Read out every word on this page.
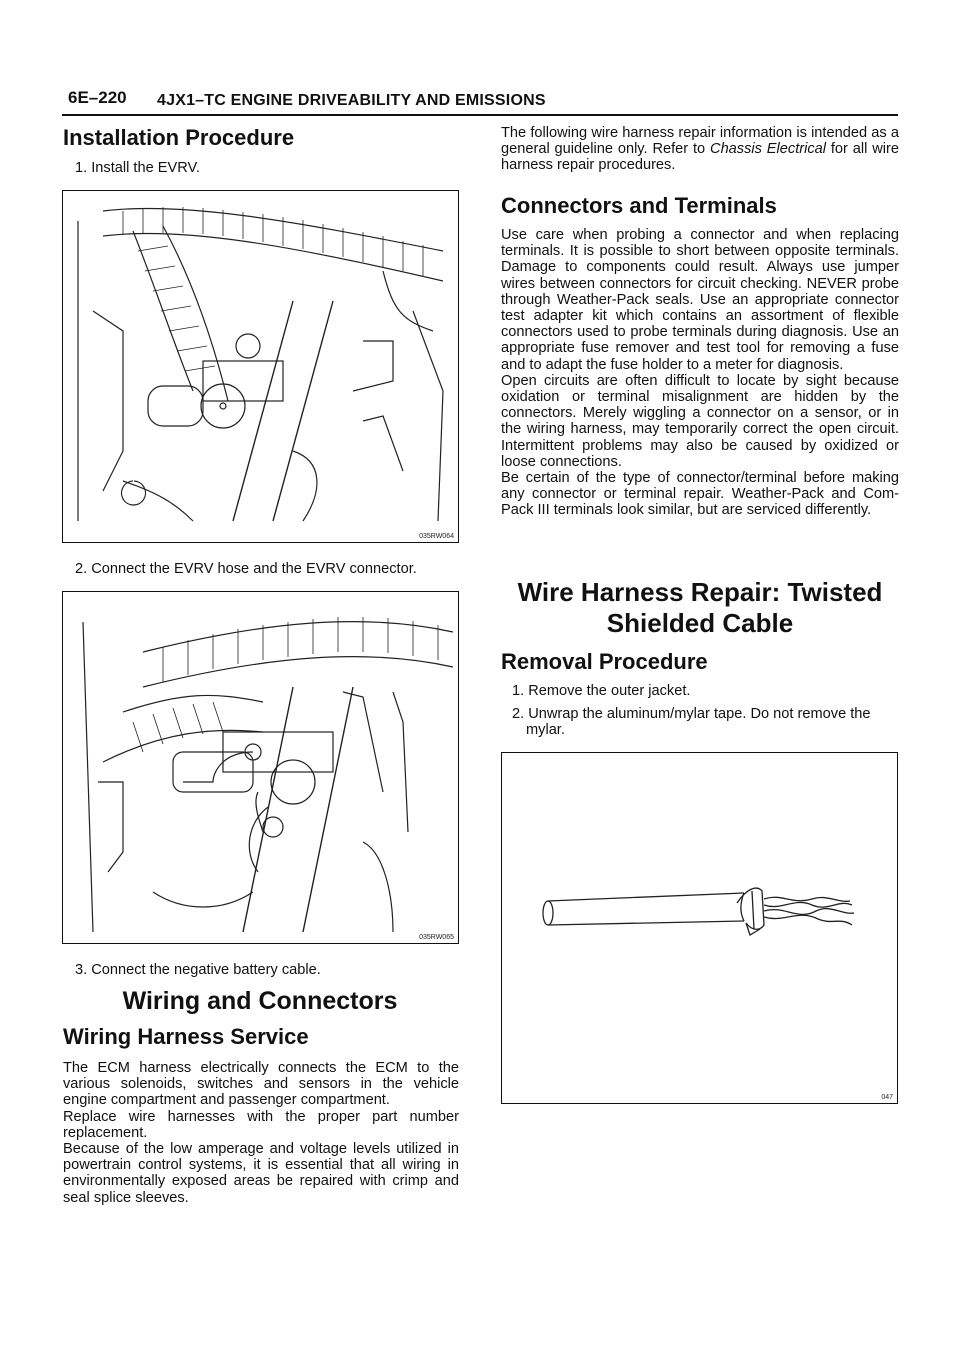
6E–220 4JX1–TC ENGINE DRIVEABILITY AND EMISSIONS
Installation Procedure
1. Install the EVRV.
035RW064
2. Connect the EVRV hose and the EVRV connector.
035RW065
3. Connect the negative battery cable.
Wiring and Connectors
Wiring Harness Service
The ECM harness electrically connects the ECM to the various solenoids, switches and sensors in the vehicle engine compartment and passenger compartment.
Replace wire harnesses with the proper part number replacement.
Because of the low amperage and voltage levels utilized in powertrain control systems, it is essential that all wiring in environmentally exposed areas be repaired with crimp and seal splice sleeves.
The following wire harness repair information is intended as a general guideline only. Refer to Chassis Electrical for all wire harness repair procedures.
Connectors and Terminals
Use care when probing a connector and when replacing terminals. It is possible to short between opposite terminals. Damage to components could result. Always use jumper wires between connectors for circuit checking. NEVER probe through Weather-Pack seals. Use an appropriate connector test adapter kit which contains an assortment of flexible connectors used to probe terminals during diagnosis. Use an appropriate fuse remover and test tool for removing a fuse and to adapt the fuse holder to a meter for diagnosis.
Open circuits are often difficult to locate by sight because oxidation or terminal misalignment are hidden by the connectors. Merely wiggling a connector on a sensor, or in the wiring harness, may temporarily correct the open circuit. Intermittent problems may also be caused by oxidized or loose connections.
Be certain of the type of connector/terminal before making any connector or terminal repair. Weather-Pack and Com-Pack III terminals look similar, but are serviced differently.
Wire Harness Repair: Twisted Shielded Cable
Removal Procedure
1. Remove the outer jacket.
2. Unwrap the aluminum/mylar tape. Do not remove the mylar.
047
